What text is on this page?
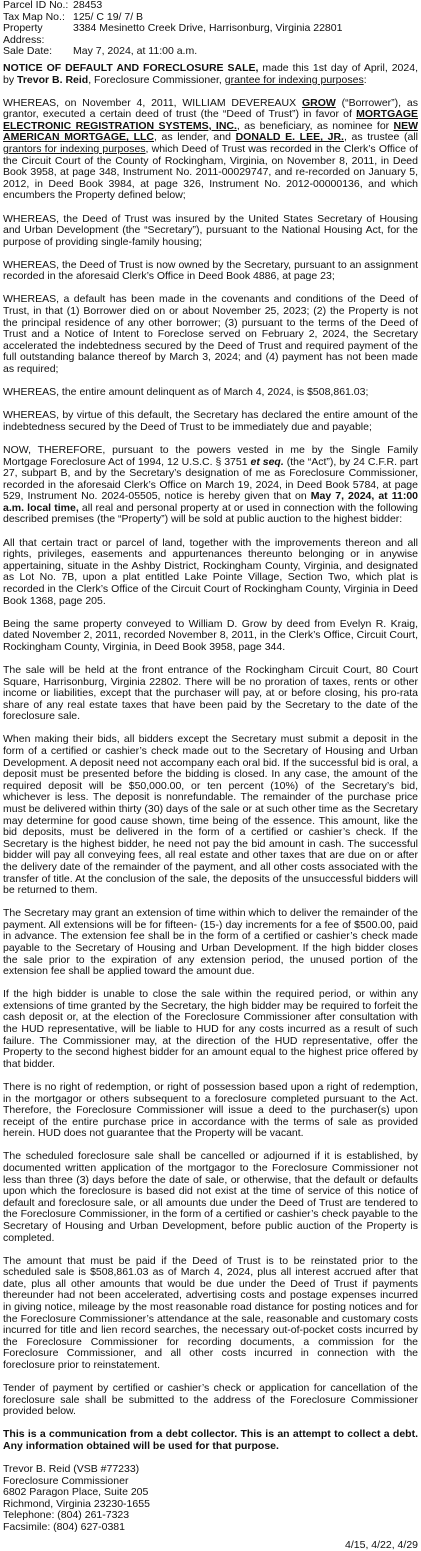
Parcel ID No.: 28453
Tax Map No.: 125/ C 19/ 7/ B
Property Address:
3384 Mesinetto Creek Drive, Harrisonburg, Virginia 22801
Sale Date:	May 7, 2024, at 11:00 a.m.

NOTICE OF DEFAULT AND FORECLOSURE SALE, made this 1st day of April, 2024, by Trevor B. Reid, Foreclosure Commissioner, grantee for indexing purposes:

WHEREAS, on November 4, 2011, WILLIAM DEVEREAUX GROW (“Borrower”), as grantor, executed a certain deed of trust (the “Deed of Trust”) in favor of MORTGAGE ELECTRONIC REGISTRATION SYSTEMS, INC., as beneficiary, as nominee for NEW AMERICAN MORTGAGE, LLC, as lender, and DONALD E. LEE, JR., as trustee (all grantors for indexing purposes, which Deed of Trust was recorded in the Clerk’s Office of the Circuit Court of the County of Rockingham, Virginia, on November 8, 2011, in Deed Book 3958, at page 348, Instrument No. 2011-00029747, and re-recorded on January 5, 2012, in Deed Book 3984, at page 326, Instrument No. 2012-00000136, and which encumbers the Property defined below;

WHEREAS, the Deed of Trust was insured by the United States Secretary of Housing and Urban Development (the “Secretary”), pursuant to the National Housing Act, for the purpose of providing single-family housing;

WHEREAS, the Deed of Trust is now owned by the Secretary, pursuant to an assignment recorded in the aforesaid Clerk’s Office in Deed Book 4886, at page 23;

WHEREAS, a default has been made in the covenants and conditions of the Deed of Trust, in that (1) Borrower died on or about November 25, 2023; (2) the Property is not the principal residence of any other borrower; (3) pursuant to the terms of the Deed of Trust and a Notice of Intent to Foreclose served on February 2, 2024, the Secretary accelerated the indebtedness secured by the Deed of Trust and required payment of the full outstanding balance thereof by March 3, 2024; and (4) payment has not been made as required;

WHEREAS, the entire amount delinquent as of March 4, 2024, is $508,861.03;

WHEREAS, by virtue of this default, the Secretary has declared the entire amount of the indebtedness secured by the Deed of Trust to be immediately due and payable;

NOW, THEREFORE, pursuant to the powers vested in me by the Single Family Mortgage Foreclosure Act of 1994, 12 U.S.C. § 3751 et seq. (the “Act”), by 24 C.F.R. part 27, subpart B, and by the Secretary’s designation of me as Foreclosure Commissioner, recorded in the aforesaid Clerk’s Office on March 19, 2024, in Deed Book 5784, at page 529, Instrument No. 2024-05505, notice is hereby given that on May 7, 2024, at 11:00 a.m. local time, all real and personal property at or used in connection with the following described premises (the “Property”) will be sold at public auction to the highest bidder:

All that certain tract or parcel of land, together with the improvements thereon and all rights, privileges, easements and appurtenances thereunto belonging or in anywise appertaining, situate in the Ashby District, Rockingham County, Virginia, and designated as Lot No. 7B, upon a plat entitled Lake Pointe Village, Section Two, which plat is recorded in the Clerk’s Office of the Circuit Court of Rockingham County, Virginia in Deed Book 1368, page 205.

Being the same property conveyed to William D. Grow by deed from Evelyn R. Kraig, dated November 2, 2011, recorded November 8, 2011, in the Clerk’s Office, Circuit Court, Rockingham County, Virginia, in Deed Book 3958, page 344.

The sale will be held at the front entrance of the Rockingham Circuit Court, 80 Court Square, Harrisonburg, Virginia 22802. There will be no proration of taxes, rents or other income or liabilities, except that the purchaser will pay, at or before closing, his pro-rata share of any real estate taxes that have been paid by the Secretary to the date of the foreclosure sale.

When making their bids, all bidders except the Secretary must submit a deposit in the form of a certified or cashier’s check made out to the Secretary of Housing and Urban Development. A deposit need not accompany each oral bid. If the successful bid is oral, a deposit must be presented before the bidding is closed. In any case, the amount of the required deposit will be $50,000.00, or ten percent (10%) of the Secretary’s bid, whichever is less. The deposit is nonrefundable. The remainder of the purchase price must be delivered within thirty (30) days of the sale or at such other time as the Secretary may determine for good cause shown, time being of the essence. This amount, like the bid deposits, must be delivered in the form of a certified or cashier’s check. If the Secretary is the highest bidder, he need not pay the bid amount in cash. The successful bidder will pay all conveying fees, all real estate and other taxes that are due on or after the delivery date of the remainder of the payment, and all other costs associated with the transfer of title. At the conclusion of the sale, the deposits of the unsuccessful bidders will be returned to them.

The Secretary may grant an extension of time within which to deliver the remainder of the payment. All extensions will be for fifteen- (15-) day increments for a fee of $500.00, paid in advance. The extension fee shall be in the form of a certified or cashier’s check made payable to the Secretary of Housing and Urban Development. If the high bidder closes the sale prior to the expiration of any extension period, the unused portion of the extension fee shall be applied toward the amount due.

If the high bidder is unable to close the sale within the required period, or within any extensions of time granted by the Secretary, the high bidder may be required to forfeit the cash deposit or, at the election of the Foreclosure Commissioner after consultation with the HUD representative, will be liable to HUD for any costs incurred as a result of such failure. The Commissioner may, at the direction of the HUD representative, offer the Property to the second highest bidder for an amount equal to the highest price offered by that bidder.

There is no right of redemption, or right of possession based upon a right of redemption, in the mortgagor or others subsequent to a foreclosure completed pursuant to the Act. Therefore, the Foreclosure Commissioner will issue a deed to the purchaser(s) upon receipt of the entire purchase price in accordance with the terms of sale as provided herein. HUD does not guarantee that the Property will be vacant.

The scheduled foreclosure sale shall be cancelled or adjourned if it is established, by documented written application of the mortgagor to the Foreclosure Commissioner not less than three (3) days before the date of sale, or otherwise, that the default or defaults upon which the foreclosure is based did not exist at the time of service of this notice of default and foreclosure sale, or all amounts due under the Deed of Trust are tendered to the Foreclosure Commissioner, in the form of a certified or cashier’s check payable to the Secretary of Housing and Urban Development, before public auction of the Property is completed.

The amount that must be paid if the Deed of Trust is to be reinstated prior to the scheduled sale is $508,861.03 as of March 4, 2024, plus all interest accrued after that date, plus all other amounts that would be due under the Deed of Trust if payments thereunder had not been accelerated, advertising costs and postage expenses incurred in giving notice, mileage by the most reasonable road distance for posting notices and for the Foreclosure Commissioner’s attendance at the sale, reasonable and customary costs incurred for title and lien record searches, the necessary out-of-pocket costs incurred by the Foreclosure Commissioner for recording documents, a commission for the Foreclosure Commissioner, and all other costs incurred in connection with the foreclosure prior to reinstatement.

Tender of payment by certified or cashier’s check or application for cancellation of the foreclosure sale shall be submitted to the address of the Foreclosure Commissioner provided below.

This is a communication from a debt collector. This is an attempt to collect a debt. Any information obtained will be used for that purpose.

Trevor B. Reid (VSB #77233)

Foreclosure Commissioner

6802 Paragon Place, Suite 205

Richmond, Virginia 23230-1655

Telephone: (804) 261-7323

Facsimile: (804) 627-0381

4/15, 4/22, 4/29
